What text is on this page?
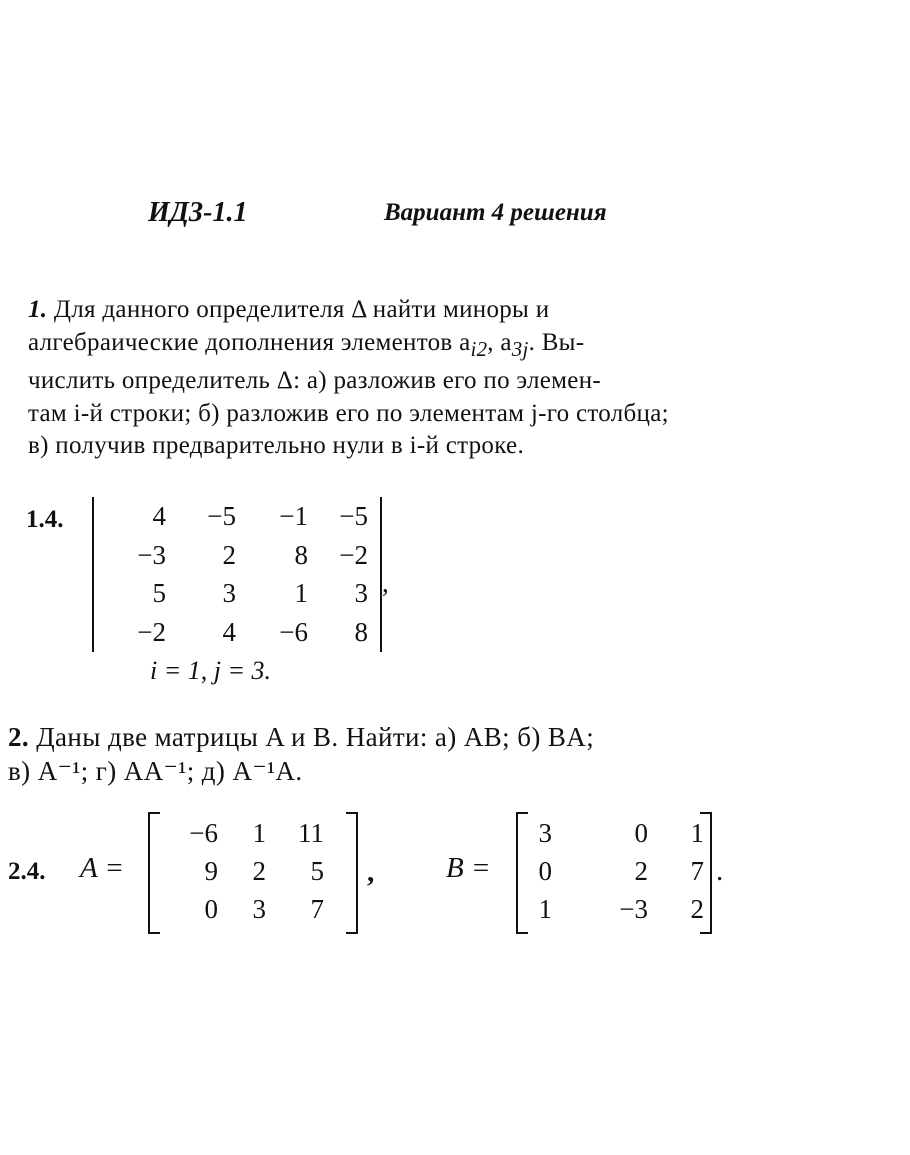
ИДЗ-1.1	Вариант 4 решения
1. Для данного определителя Δ найти миноры и
алгебраические дополнения элементов $a_{i2}$, $a_{3j}$. Вы-
числить определитель Δ: а) разложив его по элемен-
там i-й строки; б) разложив его по элементам j-го столбца;
в) получив предварительно нули в i-й строке.
1.4.	4	−5	−1	−5
−3	2	8	−2
5	3	1	3
−2	4	−6	8
,
i = 1, j = 3.
2. Даны две матрицы A и B. Найти: а) AB; б) BA;
в) A⁻¹; г) AA⁻¹; д) A⁻¹A.
2.4. A =
−6	1	11
9	2	5
0	3	7
, B =
3	0	1
0	2	7
1	−3	2
.
